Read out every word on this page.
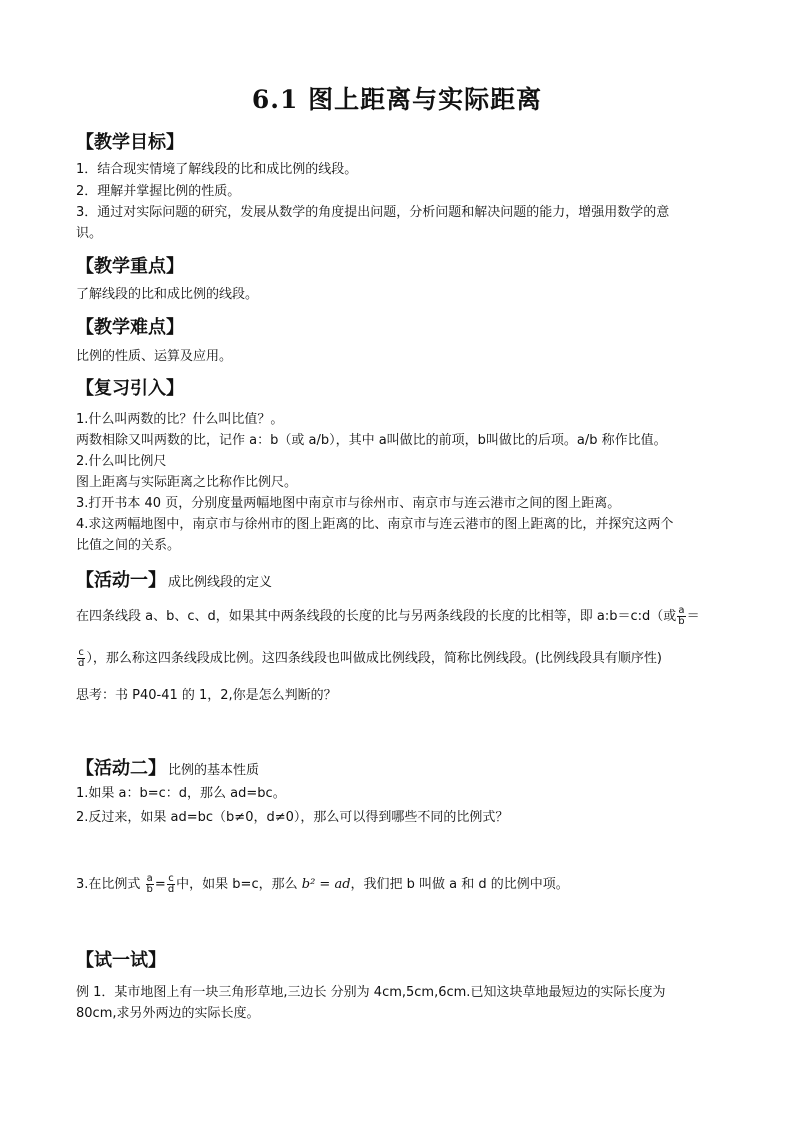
6.1 图上距离与实际距离
【教学目标】
1．结合现实情境了解线段的比和成比例的线段。
2．理解并掌握比例的性质。
3．通过对实际问题的研究，发展从数学的角度提出问题，分析问题和解决问题的能力，增强用数学的意
识。
【教学重点】
了解线段的比和成比例的线段。
【教学难点】
比例的性质、运算及应用。
【复习引入】
1.什么叫两数的比？什么叫比值？。
两数相除又叫两数的比，记作 a：b（或 a/b），其中 a叫做比的前项，b叫做比的后项。a/b 称作比值。
2.什么叫比例尺
图上距离与实际距离之比称作比例尺。
3.打开书本 40 页，分别度量两幅地图中南京市与徐州市、南京市与连云港市之间的图上距离。
4.求这两幅地图中，南京市与徐州市的图上距离的比、南京市与连云港市的图上距离的比，并探究这两个
比值之间的关系。
【活动一】 成比例线段的定义
在四条线段 a、b、c、d，如果其中两条线段的长度的比与另两条线段的长度的比相等，即 a:b＝c:d（或 $\frac{a}{b}$ ＝
$\frac{c}{d}$ ），那么称这四条线段成比例。这四条线段也叫做成比例线段，简称比例线段。(比例线段具有顺序性)
思考：书 P40-41 的 1，2,你是怎么判断的？
【活动二】 比例的基本性质
1.如果 a：b=c：d，那么 ad=bc。
2.反过来，如果 ad=bc（b≠0，d≠0），那么可以得到哪些不同的比例式？
3.在比例式 $\frac{a}{b} = \frac{c}{d}$ 中，如果 b=c，那么 b² = ad，我们把 b 叫做 a 和 d 的比例中项。
【试一试】
例 1．某市地图上有一块三角形草地,三边长 分别为 4cm,5cm,6cm.已知这块草地最短边的实际长度为
80cm,求另外两边的实际长度。
